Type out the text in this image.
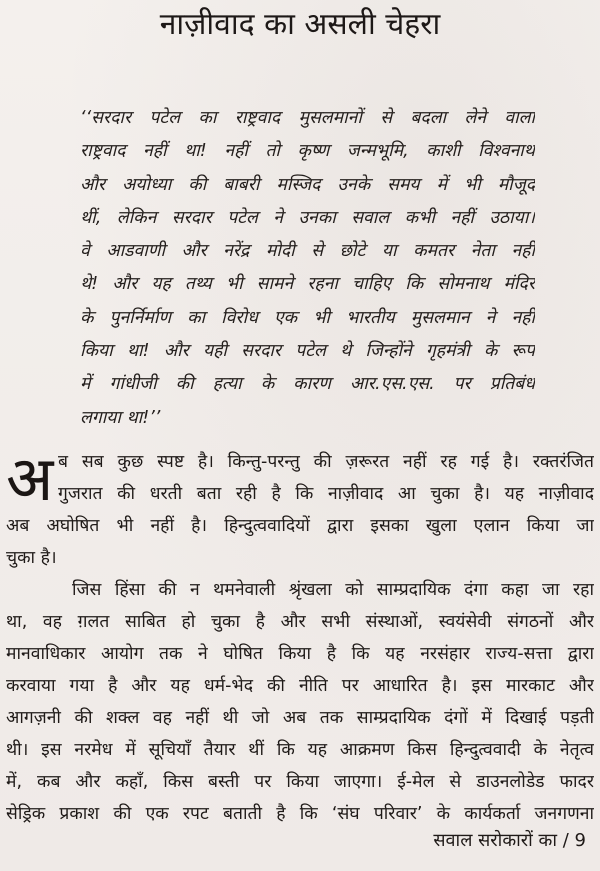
नाज़ीवाद का असली चेहरा
‘‘सरदार पटेल का राष्ट्रवाद मुसलमानों से बदला लेने वाला
राष्ट्रवाद नहीं था! नहीं तो कृष्ण जन्मभूमि, काशी विश्वनाथ
और अयोध्या की बाबरी मस्जिद उनके समय में भी मौजूद
थीं, लेकिन सरदार पटेल ने उनका सवाल कभी नहीं उठाया।
वे आडवाणी और नरेंद्र मोदी से छोटे या कमतर नेता नहीं
थे! और यह तथ्य भी सामने रहना चाहिए कि सोमनाथ मंदिर
के पुनर्निर्माण का विरोध एक भी भारतीय मुसलमान ने नहीं
किया था! और यही सरदार पटेल थे जिन्होंने गृहमंत्री के रूप
में गांधीजी की हत्या के कारण आर.एस.एस. पर प्रतिबंध
लगाया था!’’
अ ब सब कुछ स्पष्ट है। किन्तु-परन्तु की ज़रूरत नहीं रह गई है। रक्तरंजित
गुजरात की धरती बता रही है कि नाज़ीवाद आ चुका है। यह नाज़ीवाद
अब अघोषित भी नहीं है। हिन्दुत्ववादियों द्वारा इसका खुला एलान किया जा
चुका है।
जिस हिंसा की न थमनेवाली श्रृंखला को साम्प्रदायिक दंगा कहा जा रहा
था, वह ग़लत साबित हो चुका है और सभी संस्थाओं, स्वयंसेवी संगठनों और
मानवाधिकार आयोग तक ने घोषित किया है कि यह नरसंहार राज्य-सत्ता द्वारा
करवाया गया है और यह धर्म-भेद की नीति पर आधारित है। इस मारकाट और
आगज़नी की शक्ल वह नहीं थी जो अब तक साम्प्रदायिक दंगों में दिखाई पड़ती
थी। इस नरमेध में सूचियाँ तैयार थीं कि यह आक्रमण किस हिन्दुत्ववादी के नेतृत्व
में, कब और कहाँ, किस बस्ती पर किया जाएगा। ई-मेल से डाउनलोडेड फादर
सेड्रिक प्रकाश की एक रपट बताती है कि ‘संघ परिवार’ के कार्यकर्ता जनगणना
सवाल सरोकारों का / 9
